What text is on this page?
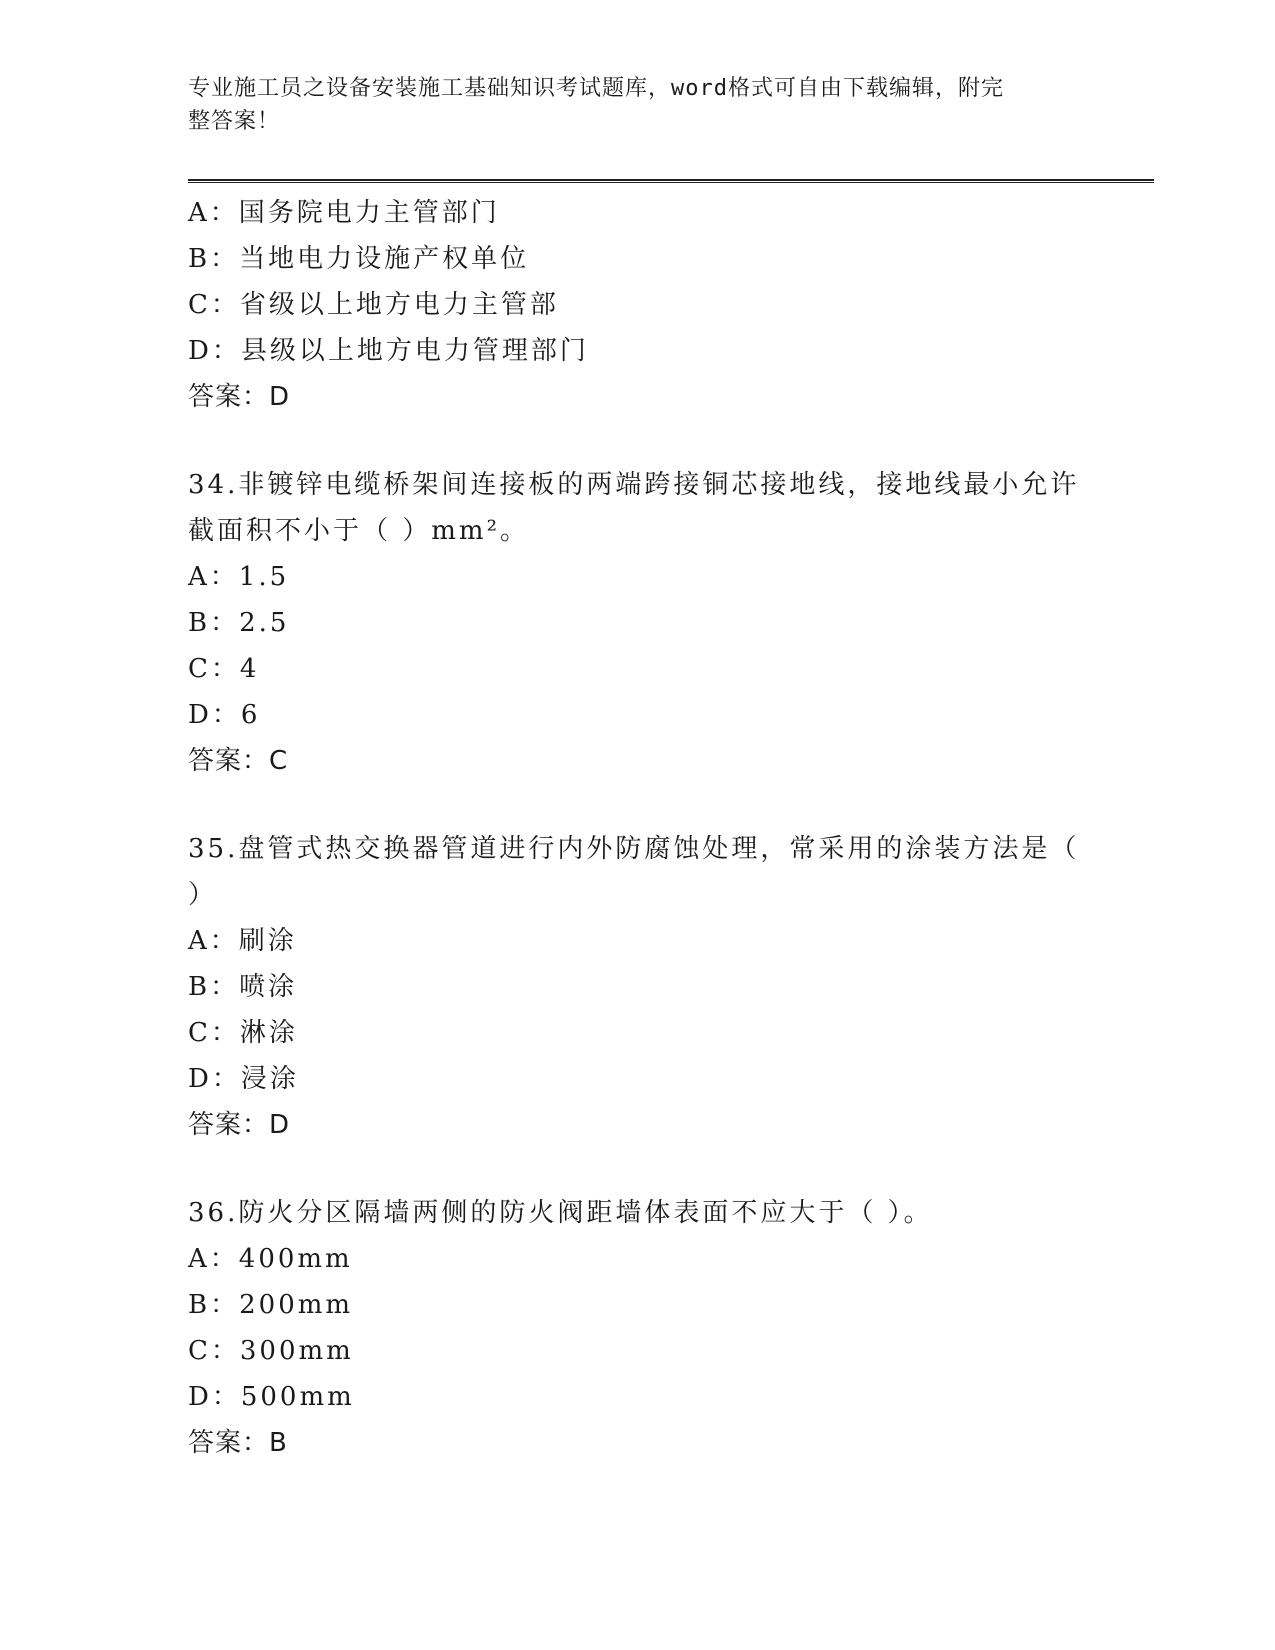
专业施工员之设备安装施工基础知识考试题库，word格式可自由下载编辑，附完
整答案！
A：国务院电力主管部门
B：当地电力设施产权单位
C：省级以上地方电力主管部
D：县级以上地方电力管理部门
答案：D
34.非镀锌电缆桥架间连接板的两端跨接铜芯接地线，接地线最小允许
截面积不小于（ ）mm²。
A：1.5
B：2.5
C：4
D：6
答案：C
35.盘管式热交换器管道进行内外防腐蚀处理，常采用的涂装方法是（
）
A：刷涂
B：喷涂
C：淋涂
D：浸涂
答案：D
36.防火分区隔墙两侧的防火阀距墙体表面不应大于（ ）。
A：400mm
B：200mm
C：300mm
D：500mm
答案：B
